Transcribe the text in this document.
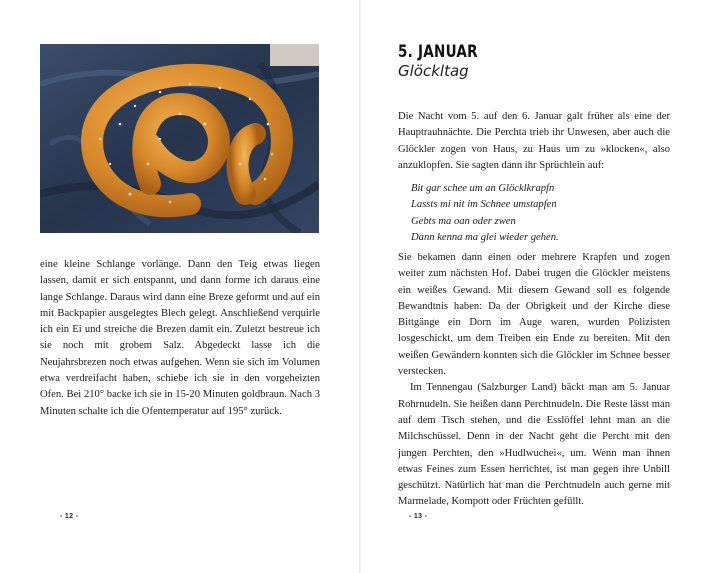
eine kleine Schlange vorlänge. Dann den Teig etwas liegen lassen, damit er sich entspannt, und dann forme ich daraus eine lange Schlange. Daraus wird dann eine Breze geformt und auf ein mit Backpapier ausgelegtes Blech gelegt. Anschließend verquirle ich ein Ei und streiche die Brezen damit ein. Zuletzt bestreue ich sie noch mit grobem Salz. Abgedeckt lasse ich die Neujahrsbrezen noch etwas aufgehen. Wenn sie sich im Volumen etwa verdreifacht haben, schiebe ich sie in den vorgeheizten Ofen. Bei 210° backe ich sie in 15-20 Minuten goldbraun. Nach 3 Minuten schalte ich die Ofentemperatur auf 195° zurück.

- 12 -
5. JANUAR
Glöckltag

Die Nacht vom 5. auf den 6. Januar galt früher als eine der Hauptrauhnächte. Die Perchta trieb ihr Unwesen, aber auch die Glöckler zogen von Haus, zu Haus um zu »klocken«, also anzuklopfen. Sie sagten dann ihr Sprüchlein auf:

Bit gar schee um an Glöcklkrapfn
Lassts mi nit im Schnee umstapfen
Gebts ma oan oder zwen
Dann kenna ma glei wieder gehen.

Sie bekamen dann einen oder mehrere Krapfen und zogen weiter zum nächsten Hof. Dabei trugen die Glöckler meistens ein weißes Gewand. Mit diesem Gewand soll es folgende Bewandtnis haben: Da der Obrigkeit und der Kirche diese Bittgänge ein Dorn im Auge waren, wurden Polizisten losgeschickt, um dem Treiben ein Ende zu bereiten. Mit den weißen Gewändern konnten sich die Glöckler im Schnee besser verstecken.

Im Tennengau (Salzburger Land) bäckt man am 5. Januar Rohrnudeln. Sie heißen dann Perchtnudeln. Die Reste lässt man auf dem Tisch stehen, und die Esslöffel lehnt man an die Milchschüssel. Denn in der Nacht geht die Percht mit den jungen Perchten, den »Hudlwuchei«, um. Wenn man ihnen etwas Feines zum Essen herrichtet, ist man gegen ihre Unbill geschützt. Natürlich hat man die Perchtnudeln auch gerne mit Marmelade, Kompott oder Früchten gefüllt.

- 13 -
